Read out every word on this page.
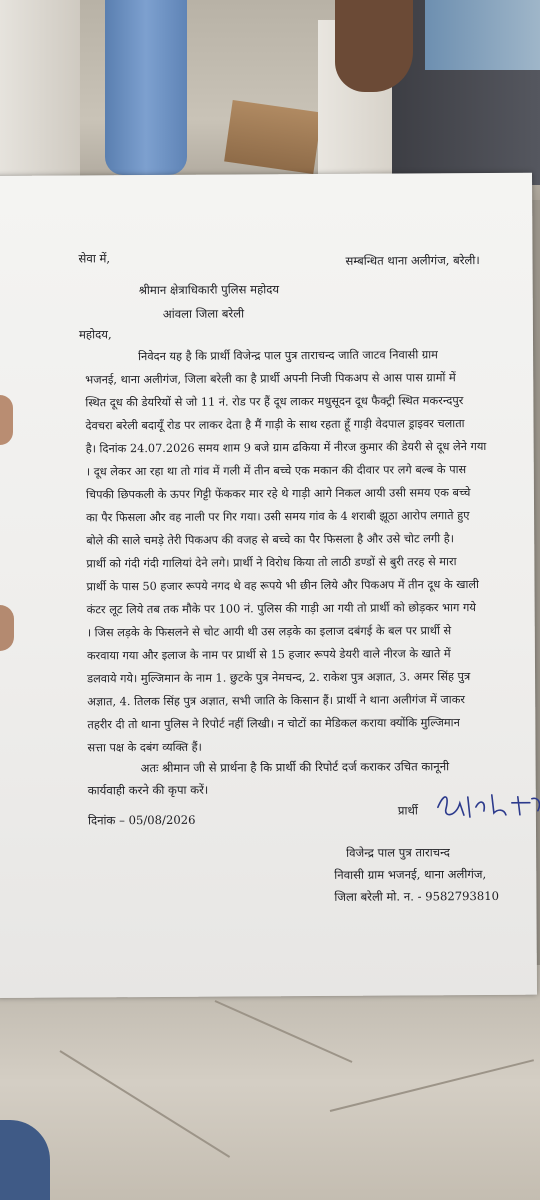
सेवा में,	सम्बन्धित थाना अलीगंज, बरेली।
श्रीमान क्षेत्राधिकारी पुलिस महोदय
आंवला जिला बरेली
महोदय,
निवेदन यह है कि प्रार्थी विजेन्द्र पाल पुत्र ताराचन्द जाति जाटव निवासी ग्राम
भजनई, थाना अलीगंज, जिला बरेली का है प्रार्थी अपनी निजी पिकअप से आस पास ग्रामों में
स्थित दूध की डेयरियों से जो 11 नं. रोड पर हैं दूध लाकर मधुसूदन दूध फैक्ट्री स्थित मकरन्दपुर
देवचरा बरेली बदायूँ रोड पर लाकर देता है मैं गाड़ी के साथ रहता हूँ गाड़ी वेदपाल ड्राइवर चलाता
है। दिनांक 24.07.2026 समय शाम 9 बजे ग्राम ढकिया में नीरज कुमार की डेयरी से दूध लेने गया
। दूध लेकर आ रहा था तो गांव में गली में तीन बच्चे एक मकान की दीवार पर लगे बल्ब के पास
चिपकी छिपकली के ऊपर गिट्टी फेंककर मार रहे थे गाड़ी आगे निकल आयी उसी समय एक बच्चे
का पैर फिसला और वह नाली पर गिर गया। उसी समय गांव के 4 शराबी झूठा आरोप लगाते हुए
बोले की साले चमड़े तेरी पिकअप की वजह से बच्चे का पैर फिसला है और उसे चोट लगी है।
प्रार्थी को गंदी गंदी गालियां देने लगे। प्रार्थी ने विरोध किया तो लाठी डण्डों से बुरी तरह से मारा
प्रार्थी के पास 50 हजार रूपये नगद थे वह रूपये भी छीन लिये और पिकअप में तीन दूध के खाली
कंटर लूट लिये तब तक मौके पर 100 नं. पुलिस की गाड़ी आ गयी तो प्रार्थी को छोड़कर भाग गये
। जिस लड़के के फिसलने से चोट आयी थी उस लड़के का इलाज दबंगई के बल पर प्रार्थी से
करवाया गया और इलाज के नाम पर प्रार्थी से 15 हजार रूपये डेयरी वाले नीरज के खाते में
डलवाये गये। मुल्जिमान के नाम 1. छुटके पुत्र नेमचन्द, 2. राकेश पुत्र अज्ञात, 3. अमर सिंह पुत्र
अज्ञात, 4. तिलक सिंह पुत्र अज्ञात, सभी जाति के किसान हैं। प्रार्थी ने थाना अलीगंज में जाकर
तहरीर दी तो थाना पुलिस ने रिपोर्ट नहीं लिखी। न चोटों का मेडिकल कराया क्योंकि मुल्जिमान
सत्ता पक्ष के दबंग व्यक्ति हैं।
अतः श्रीमान जी से प्रार्थना है कि प्रार्थी की रिपोर्ट दर्ज कराकर उचित कानूनी
कार्यवाही करने की कृपा करें।
दिनांक – 05/08/2026
प्रार्थी
विजेन्द्र पाल पुत्र ताराचन्द
निवासी ग्राम भजनई, थाना अलीगंज,
जिला बरेली मो. न. - 9582793810
